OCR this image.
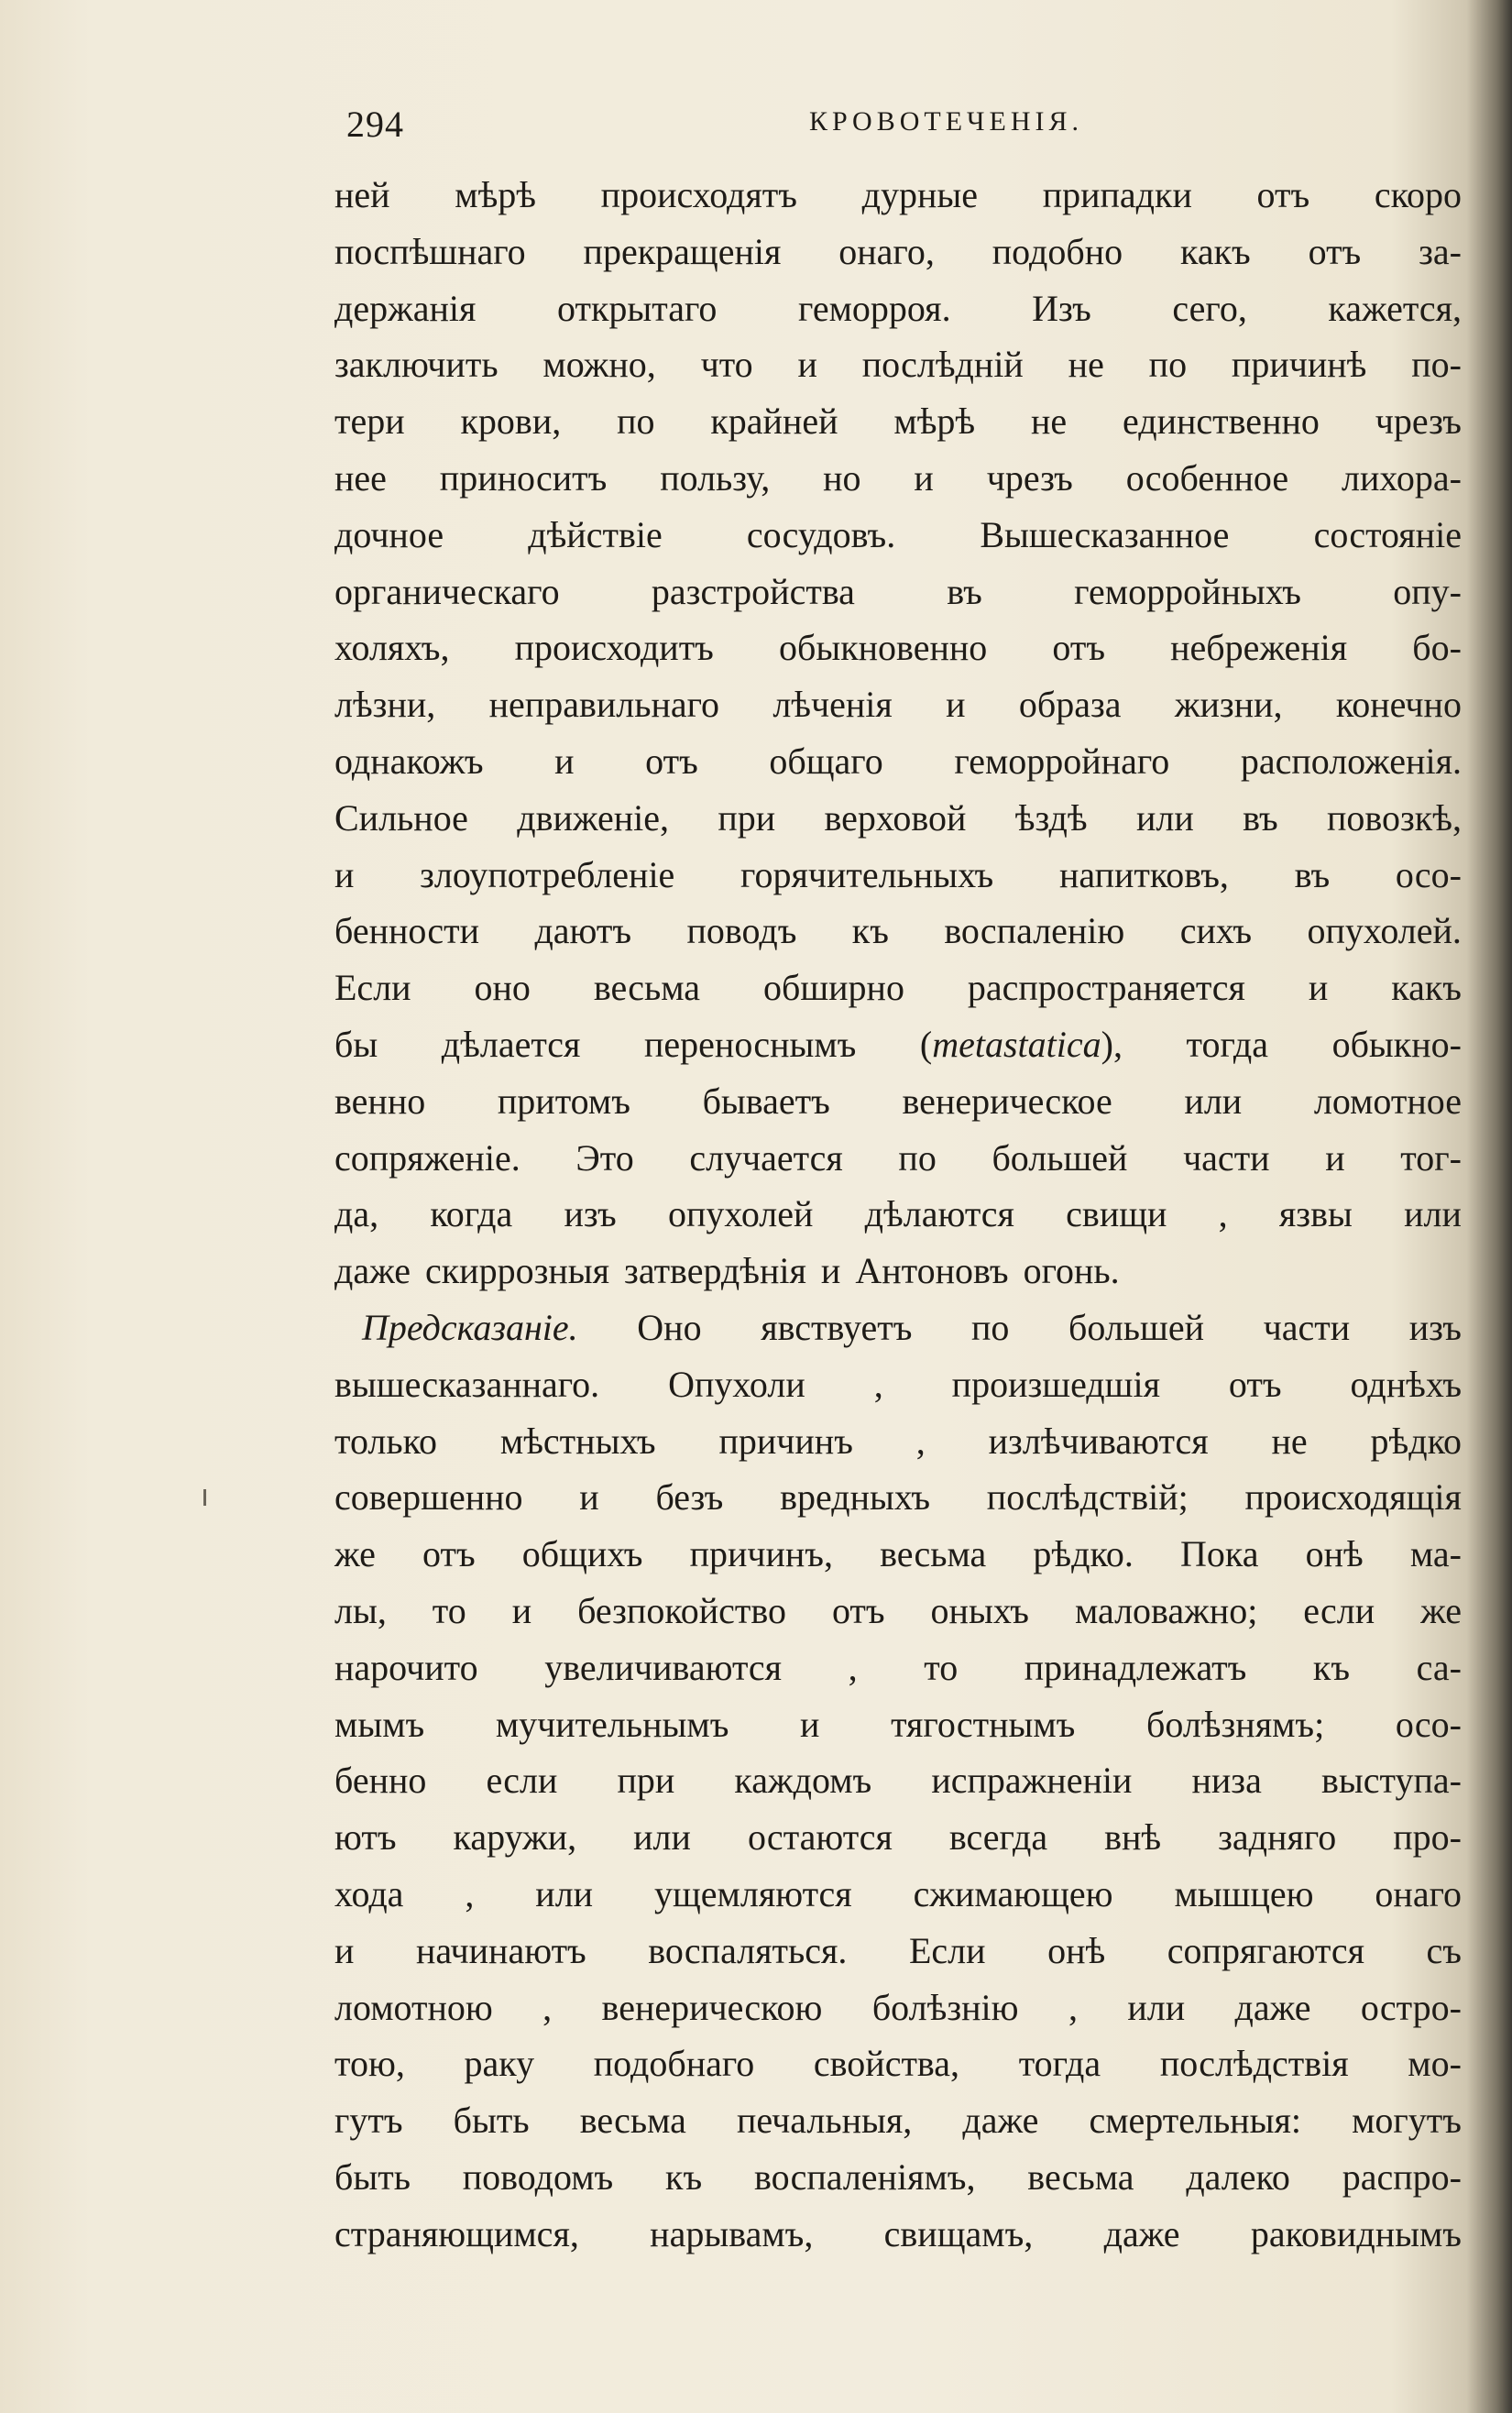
294	КРОВОТЕЧЕНІЯ.
ней мѣрѣ происходятъ дурные припадки отъ скоро
поспѣшнаго прекращенія онаго, подобно какъ отъ за-
держанія открытаго геморроя. Изъ сего, кажется,
заключить можно, что и послѣдній не по причинѣ по-
тери крови, по крайней мѣрѣ не единственно чрезъ
нее приноситъ пользу, но и чрезъ особенное лихора-
дочное дѣйствіе сосудовъ. Вышесказанное состояніе
органическаго	разстройства	въ	геморройныхъ	опу-
холяхъ, происходитъ обыкновенно отъ небреженія бо-
лѣзни, неправильнаго лѣченія и образа жизни, конечно
однакожъ и отъ общаго геморройнаго расположенія.
Сильное движеніе, при верховой ѣздѣ или въ повозкѣ,
и злоупотребленіе горячительныхъ напитковъ, въ осо-
бенности даютъ поводъ къ воспаленію сихъ опухолей.
Если оно весьма обширно распространяется и какъ
бы дѣлается переноснымъ (metastatica), тогда обыкно-
венно притомъ бываетъ венерическое или ломотное
сопряженіе. Это случается по большей части и тог-
да, когда изъ опухолей дѣлаются свищи , язвы или
даже скиррозныя затвердѣнія и Антоновъ огонь.
Предсказаніе. Оно явствуетъ по большей части изъ
вышесказаннаго. Опухоли , произшедшія отъ однѣхъ
только мѣстныхъ причинъ , излѣчиваются не рѣдко
совершенно и безъ вредныхъ послѣдствій; происходящія
же отъ общихъ причинъ, весьма рѣдко. Пока онѣ ма-
лы, то и безпокойство отъ оныхъ маловажно; если же
нарочито увеличиваются , то принадлежатъ къ са-
мымъ мучительнымъ и тягостнымъ болѣзнямъ; осо-
бенно если при каждомъ испражненіи низа выступа-
ютъ каружи, или остаются всегда внѣ задняго про-
хода , или ущемляются сжимающею мышцею онаго
и начинаютъ воспаляться. Если онѣ сопрягаются съ
ломотною , венерическою болѣзнію , или даже остро-
тою, раку подобнаго свойства, тогда послѣдствія мо-
гутъ быть весьма печальныя, даже смертельныя: могутъ
быть поводомъ къ воспаленіямъ, весьма далеко распро-
страняющимся, нарывамъ, свищамъ, даже раковиднымъ
